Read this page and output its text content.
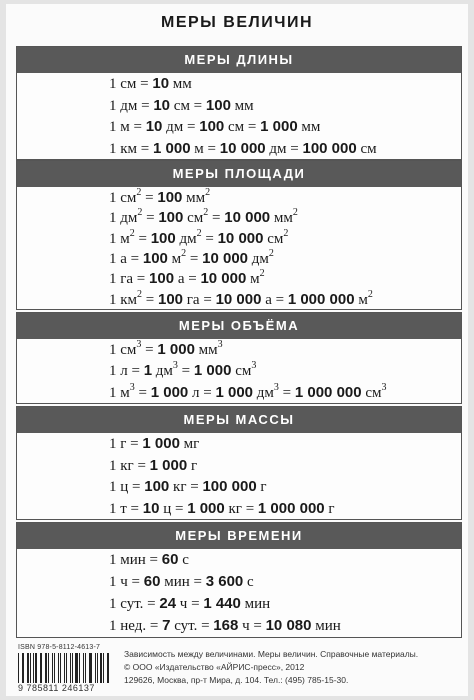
МЕРЫ ВЕЛИЧИН
МЕРЫ ДЛИНЫ
1 см = 10 мм
1 дм = 10 см = 100 мм
1 м = 10 дм = 100 см = 1 000 мм
1 км = 1 000 м = 10 000 дм = 100 000 см
МЕРЫ ПЛОЩАДИ
1 $см^2 = 100$ $мм^2$
1 $дм^2 = 100$ $см^2 = 10$ 000 $мм^2$
1 $м^2 = 100$ $дм^2 = 10$ 000 $см^2$
1 а = 100 $м^2 = 10$ 000 $дм^2$
1 га = 100 а = 10 000 $м^2$
1 $км^2 = 100$ га = 10 000 а = 1 000 000 $м^2$
МЕРЫ ОБЪЁМА
1 $см^3 = 1$ 000 $мм^3$
1 л = 1 $дм^3 = 1$ 000 $см^3$
1 $м^3 = 1$ 000 л = 1 000 $дм^3 = 1$ 000 000 $см^3$
МЕРЫ МАССЫ
1 г = 1 000 мг
1 кг = 1 000 г
1 ц = 100 кг = 100 000 г
1 т = 10 ц = 1 000 кг = 1 000 000 г
МЕРЫ ВРЕМЕНИ
1 мин = 60 с
1 ч = 60 мин = 3 600 с
1 сут. = 24 ч = 1 440 мин
1 нед. = 7 сут. = 168 ч = 10 080 мин
ISBN 978-5-8112-4613-7
9 785811 246137
Зависимость между величинами. Меры величин. Справочные материалы.
© ООО «Издательство «АЙРИС-пресс», 2012
129626, Москва, пр-т Мира, д. 104. Тел.: (495) 785-15-30.
